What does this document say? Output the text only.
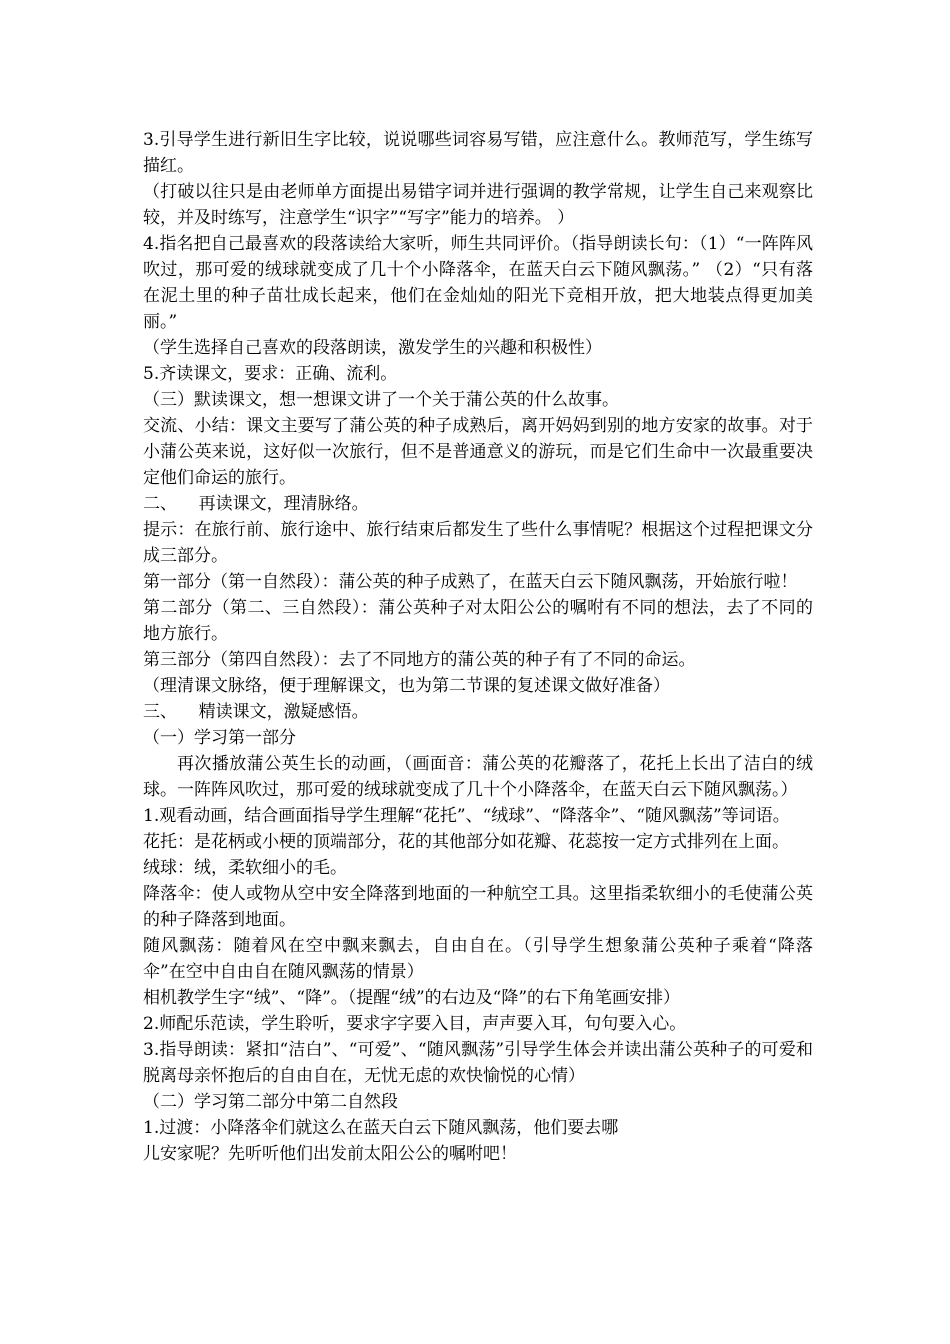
3.引导学生进行新旧生字比较，说说哪些词容易写错，应注意什么。教师范写，学生练写描红。

（打破以往只是由老师单方面提出易错字词并进行强调的教学常规，让学生自己来观察比较，并及时练写，注意学生“识字”“写字”能力的培养。 ）

4.指名把自己最喜欢的段落读给大家听，师生共同评价。（指导朗读长句：（1）“一阵阵风吹过，那可爱的绒球就变成了几十个小降落伞，在蓝天白云下随风飘荡。” （2）“只有落在泥土里的种子苗壮成长起来，他们在金灿灿的阳光下竞相开放，把大地装点得更加美丽。”

（学生选择自己喜欢的段落朗读，激发学生的兴趣和积极性）

5.齐读课文，要求：正确、流利。

（三）默读课文，想一想课文讲了一个关于蒲公英的什么故事。

交流、小结：课文主要写了蒲公英的种子成熟后，离开妈妈到别的地方安家的故事。对于小蒲公英来说，这好似一次旅行，但不是普通意义的游玩，而是它们生命中一次最重要决定他们命运的旅行。

二、    再读课文，理清脉络。

提示：在旅行前、旅行途中、旅行结束后都发生了些什么事情呢？根据这个过程把课文分成三部分。

第一部分（第一自然段）：蒲公英的种子成熟了，在蓝天白云下随风飘荡，开始旅行啦！

第二部分（第二、三自然段）：蒲公英种子对太阳公公的嘱咐有不同的想法，去了不同的地方旅行。

第三部分（第四自然段）：去了不同地方的蒲公英的种子有了不同的命运。

（理清课文脉络，便于理解课文，也为第二节课的复述课文做好准备）

三、    精读课文，激疑感悟。

（一）学习第一部分

再次播放蒲公英生长的动画，（画面音：蒲公英的花瓣落了，花托上长出了洁白的绒球。一阵阵风吹过，那可爱的绒球就变成了几十个小降落伞，在蓝天白云下随风飘荡。）

1.观看动画，结合画面指导学生理解“花托”、“绒球”、“降落伞”、“随风飘荡”等词语。

花托：是花柄或小梗的顶端部分，花的其他部分如花瓣、花蕊按一定方式排列在上面。

绒球：绒，柔软细小的毛。

降落伞：使人或物从空中安全降落到地面的一种航空工具。这里指柔软细小的毛使蒲公英的种子降落到地面。

随风飘荡：随着风在空中飘来飘去，自由自在。（引导学生想象蒲公英种子乘着“降落伞”在空中自由自在随风飘荡的情景）

相机教学生字“绒”、“降”。（提醒“绒”的右边及“降”的右下角笔画安排）

2.师配乐范读，学生聆听，要求字字要入目，声声要入耳，句句要入心。

3.指导朗读：紧扣“洁白”、“可爱”、“随风飘荡”引导学生体会并读出蒲公英种子的可爱和脱离母亲怀抱后的自由自在，无忧无虑的欢快愉悦的心情）

（二）学习第二部分中第二自然段

1.过渡：小降落伞们就这么在蓝天白云下随风飘荡，他们要去哪

儿安家呢？先听听他们出发前太阳公公的嘱咐吧！
